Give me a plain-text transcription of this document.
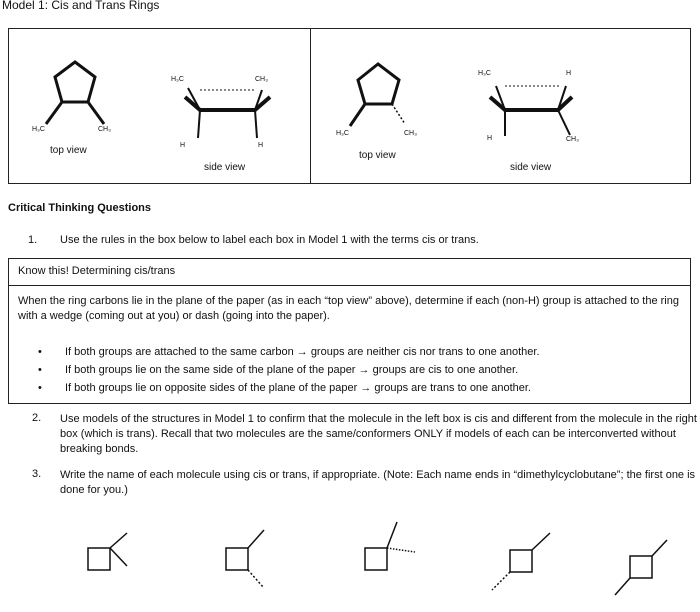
Model 1: Cis and Trans Rings
H₃C	CH₃
top view
H₃C	CH₃
H	H
side view
H₃C	CH₃
top view
H₃C	H
H	CH₃
side view
Critical Thinking Questions
1. Use the rules in the box below to label each box in Model 1 with the terms cis or trans.
Know this! Determining cis/trans
When the ring carbons lie in the plane of the paper (as in each “top view” above), determine if each (non-H) group is attached to the ring with a wedge (coming out at you) or dash (going into the paper).
• If both groups are attached to the same carbon → groups are neither cis nor trans to one another.
• If both groups lie on the same side of the plane of the paper → groups are cis to one another.
• If both groups lie on opposite sides of the plane of the paper → groups are trans to one another.
2. Use models of the structures in Model 1 to confirm that the molecule in the left box is cis and different from the molecule in the right box (which is trans). Recall that two molecules are the same/conformers ONLY if models of each can be interconverted without breaking bonds.
3. Write the name of each molecule using cis or trans, if appropriate. (Note: Each name ends in “dimethylcyclobutane”; the first one is done for you.)
